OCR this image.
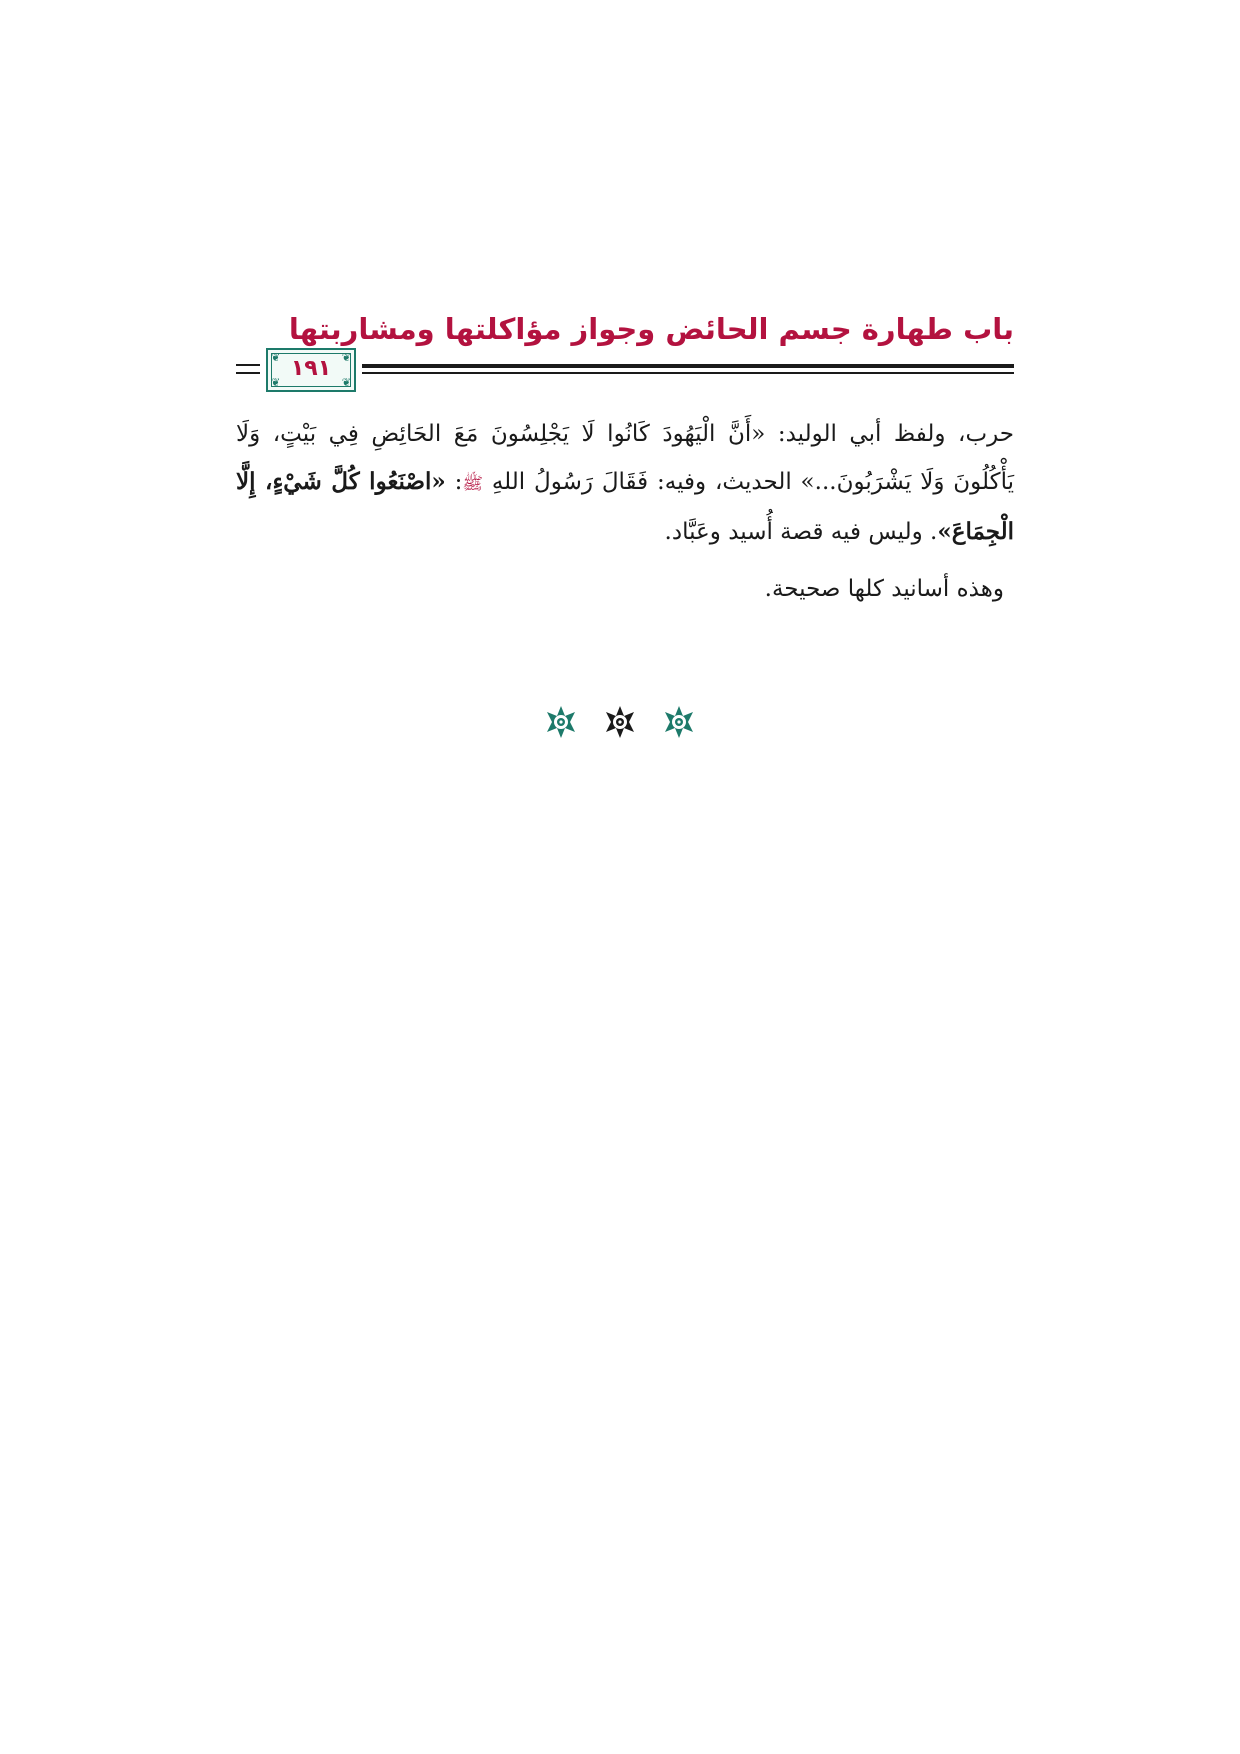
باب طهارة جسم الحائض وجواز مؤاكلتها ومشاربتها
❦	❦
❦	❦
١٩١
حرب، ولفظ أبي الوليد: «أَنَّ الْيَهُودَ كَانُوا لَا يَجْلِسُونَ مَعَ الحَائِضِ فِي بَيْتٍ، وَلَا يَأْكُلُونَ وَلَا يَشْرَبُونَ...» الحديث، وفيه: فَقَالَ رَسُولُ اللهِ ﷺ: «اصْنَعُوا كُلَّ شَيْءٍ، إِلَّا الْجِمَاعَ». وليس فيه قصة أُسيد وعَبَّاد.
وهذه أسانيد كلها صحيحة.
